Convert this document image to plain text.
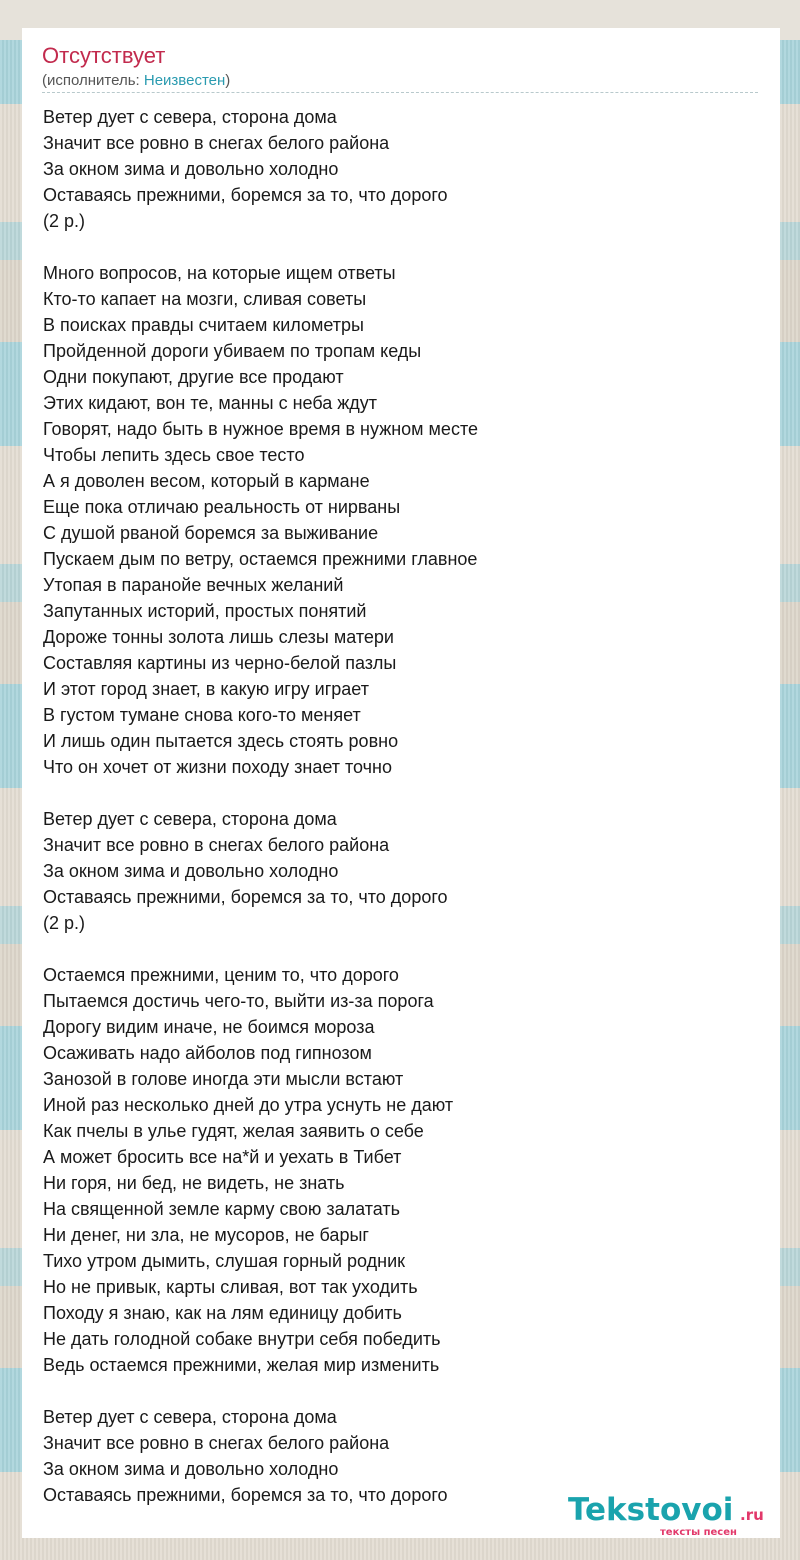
Отсутствует
(исполнитель: Неизвестен)
Ветер дует с севера, сторона дома
Значит все ровно в снегах белого района
За окном зима и довольно холодно
Оставаясь прежними, боремся за то, что дорого
(2 р.)
Много вопросов, на которые ищем ответы
Кто-то капает на мозги, сливая советы
В поисках правды считаем километры
Пройденной дороги убиваем по тропам кеды
Одни покупают, другие все продают
Этих кидают, вон те, манны с неба ждут
Говорят, надо быть в нужное время в нужном месте
Чтобы лепить здесь свое тесто
А я доволен весом, который в кармане
Еще пока отличаю реальность от нирваны
С душой рваной боремся за выживание
Пускаем дым по ветру, остаемся прежними главное
Утопая в паранойе вечных желаний
Запутанных историй, простых понятий
Дороже тонны золота лишь слезы матери
Составляя картины из черно-белой пазлы
И этот город знает, в какую игру играет
В густом тумане снова кого-то меняет
И лишь один пытается здесь стоять ровно
Что он хочет от жизни походу знает точно
Ветер дует с севера, сторона дома
Значит все ровно в снегах белого района
За окном зима и довольно холодно
Оставаясь прежними, боремся за то, что дорого
(2 р.)
Остаемся прежними, ценим то, что дорого
Пытаемся достичь чего-то, выйти из-за порога
Дорогу видим иначе, не боимся мороза
Осаживать надо айболов под гипнозом
Занозой в голове иногда эти мысли встают
Иной раз несколько дней до утра уснуть не дают
Как пчелы в улье гудят, желая заявить о себе
А может бросить все на*й и уехать в Тибет
Ни горя, ни бед, не видеть, не знать
На священной земле карму свою залатать
Ни денег, ни зла, не мусоров, не барыг
Тихо утром дымить, слушая горный родник
Но не привык, карты сливая, вот так уходить
Походу я знаю, как на лям единицу добить
Не дать голодной собаке внутри себя победить
Ведь остаемся прежними, желая мир изменить
Ветер дует с севера, сторона дома
Значит все ровно в снегах белого района
За окном зима и довольно холодно
Оставаясь прежними, боремся за то, что дорого	Tekstovoi .ru
тексты песен
